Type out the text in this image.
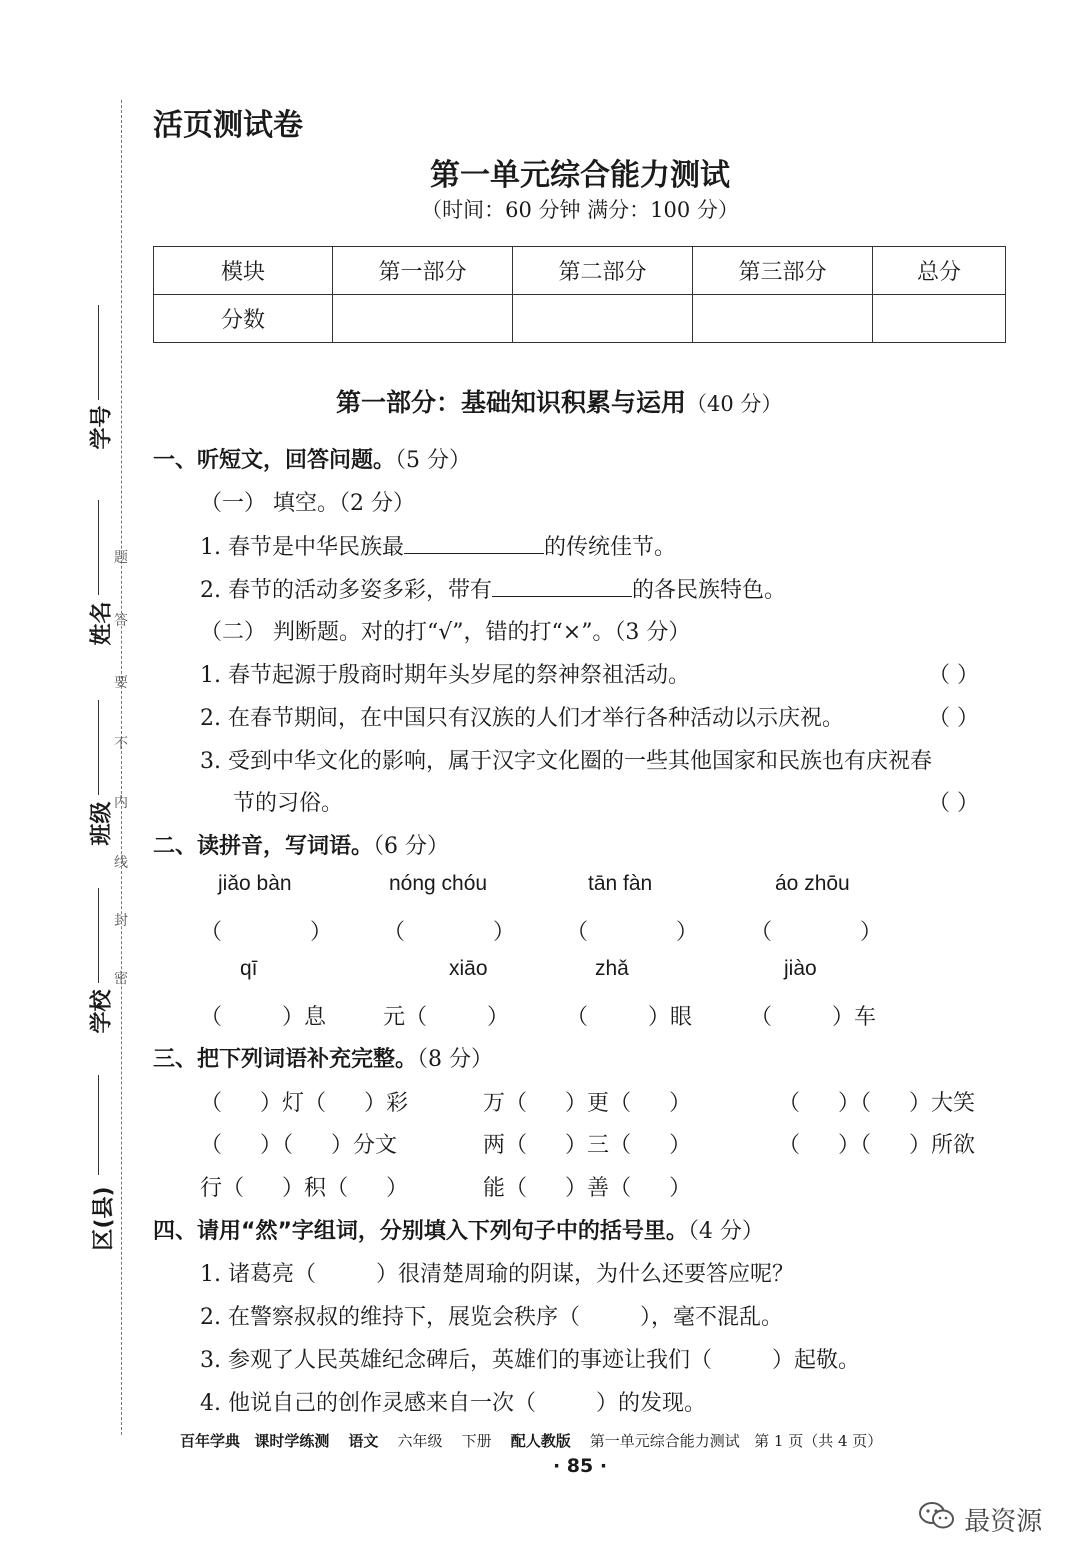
学号
姓名
班级
学校
区(县)
题
答
要
不
内
线
封
密
活页测试卷
第一单元综合能力测试
（时间：60 分钟 满分：100 分）
模块	第一部分	第二部分	第三部分	总分
分数				
第一部分：基础知识积累与运用（40 分）
一、听短文，回答问题。（5 分）
（一） 填空。（2 分）
1. 春节是中华民族最	的传统佳节。
2. 春节的活动多姿多彩，带有	的各民族特色。
（二） 判断题。对的打“√”，错的打“×”。（3 分）
1. 春节起源于殷商时期年头岁尾的祭神祭祖活动。	（ ）
2. 在春节期间，在中国只有汉族的人们才举行各种活动以示庆祝。	（ ）
3. 受到中华文化的影响，属于汉字文化圈的一些其他国家和民族也有庆祝春
节的习俗。	（ ）
二、读拼音，写词语。（6 分）
jiǎo bàn	nóng chóu	tān fàn	áo zhōu
（	） （	） （	） （	）
qī	xiāo	zhǎ	jiào
（	）息	元（	）	（	）眼	（	）车
三、把下列词语补充完整。（8 分）
（ ）灯（ ）彩	万（ ）更（ ）	（ ）（ ）大笑
（ ）（ ）分文	两（ ）三（ ）	（ ）（ ）所欲
行（ ）积（ ）	能（ ）善（ ）
四、请用“然”字组词，分别填入下列句子中的括号里。（4 分）
1. 诸葛亮（	）很清楚周瑜的阴谋，为什么还要答应呢？
2. 在警察叔叔的维持下，展览会秩序（	），毫不混乱。
3. 参观了人民英雄纪念碑后，英雄们的事迹让我们（	）起敬。
4. 他说自己的创作灵感来自一次（	）的发现。
百年学典 课时学练测 语文 六年级 下册 配人教版 第一单元综合能力测试 第 1 页（共 4 页）
· 85 ·
最资源
